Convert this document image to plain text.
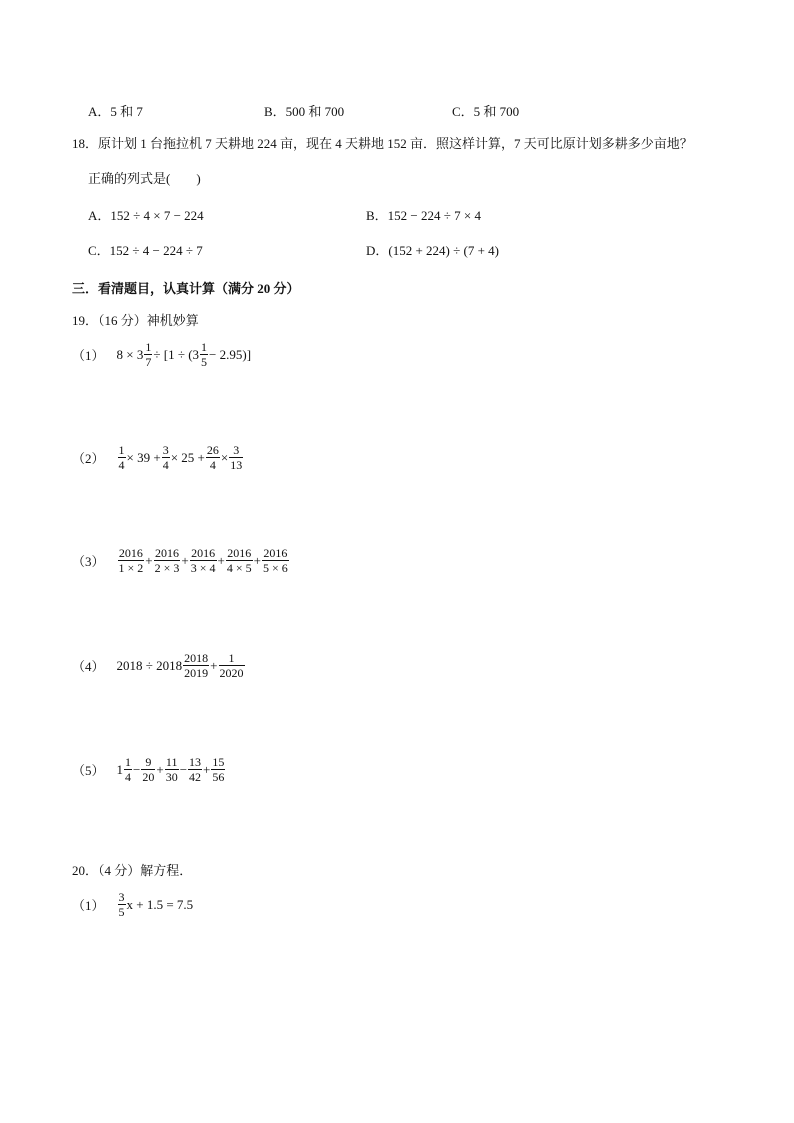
A．5 和 7	B．500 和 700	C．5 和 700
18．原计划 1 台拖拉机 7 天耕地 224 亩，现在 4 天耕地 152 亩．照这样计算，7 天可比原计划多耕多少亩地？
正确的列式是(　　)
A．152 ÷ 4 × 7 − 224	B．152 − 224 ÷ 7 × 4
C．152 ÷ 4 − 224 ÷ 7	D．(152 + 224) ÷ (7 + 4)
三．看清题目，认真计算（满分 20 分）
19．（16 分）神机妙算
（1） $8 \times 3 \frac{1}{7} \div [1 \div (3 \frac{1}{5} - 2.95)]$
$(2) \frac{1}{4} \times 39 + \frac{3}{4} \times 25 + \frac{26}{4} \times \frac{3}{13}$
$(3) \frac{2016}{1 \times 2} + \frac{2016}{2 \times 3} + \frac{2016}{3 \times 4} + \frac{2016}{4 \times 5} + \frac{2016}{5 \times 6}$
（4） $2018 \div 2018 \frac{2018}{2019} + \frac{1}{2020}$
（5） $1 \frac{1}{4} - \frac{9}{20} + \frac{11}{30} - \frac{13}{42} + \frac{15}{56}$
20．（4 分）解方程．
$(1) \frac{3}{5}$ x + 1.5 = 7.5
